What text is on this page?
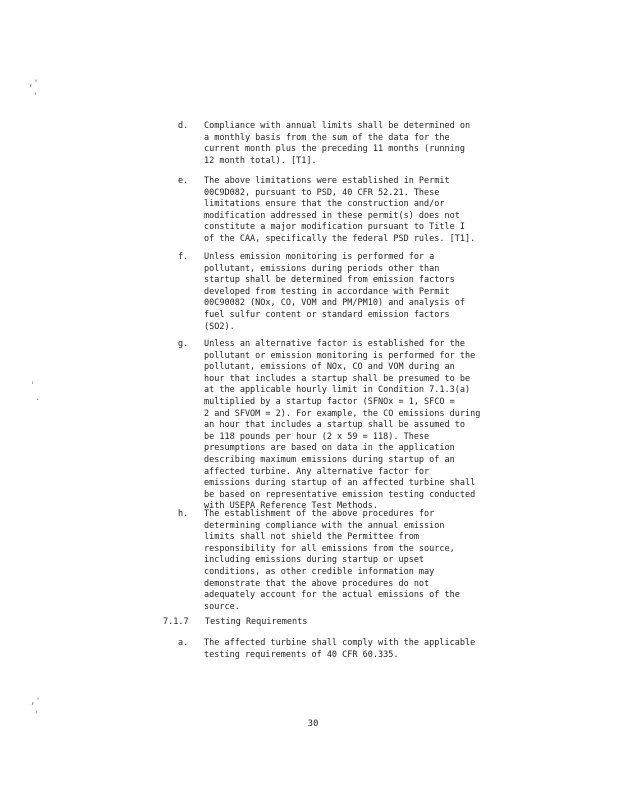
,'
'
'
.
,'
'
d. Compliance with annual limits shall be determined on
a monthly basis from the sum of the data for the
current month plus the preceding 11 months (running
12 month total). [T1].
e. The above limitations were established in Permit
00C9D082, pursuant to PSD, 40 CFR 52.21. These
limitations ensure that the construction and/or
modification addressed in these permit(s) does not
constitute a major modification pursuant to Title I
of the CAA, specifically the federal PSD rules. [T1].
f. Unless emission monitoring is performed for a
pollutant, emissions during periods other than
startup shall be determined from emission factors
developed from testing in accordance with Permit
00C90082 (NOx, CO, VOM and PM/PM10) and analysis of
fuel sulfur content or standard emission factors
(SO2).
g. Unless an alternative factor is established for the
pollutant or emission monitoring is performed for the
pollutant, emissions of NOx, CO and VOM during an
hour that includes a startup shall be presumed to be
at the applicable hourly limit in Condition 7.1.3(a)
multiplied by a startup factor (SFNOx = 1, SFCO =
2 and SFVOM = 2). For example, the CO emissions during
an hour that includes a startup shall be assumed to
be 118 pounds per hour (2 x 59 = 118). These
presumptions are based on data in the application
describing maximum emissions during startup of an
affected turbine. Any alternative factor for
emissions during startup of an affected turbine shall
be based on representative emission testing conducted
with USEPA Reference Test Methods.
h. The establishment of the above procedures for
determining compliance with the annual emission
limits shall not shield the Permittee from
responsibility for all emissions from the source,
including emissions during startup or upset
conditions, as other credible information may
demonstrate that the above procedures do not
adequately account for the actual emissions of the
source.
7.1.7 Testing Requirements
a. The affected turbine shall comply with the applicable
testing requirements of 40 CFR 60.335.
30
